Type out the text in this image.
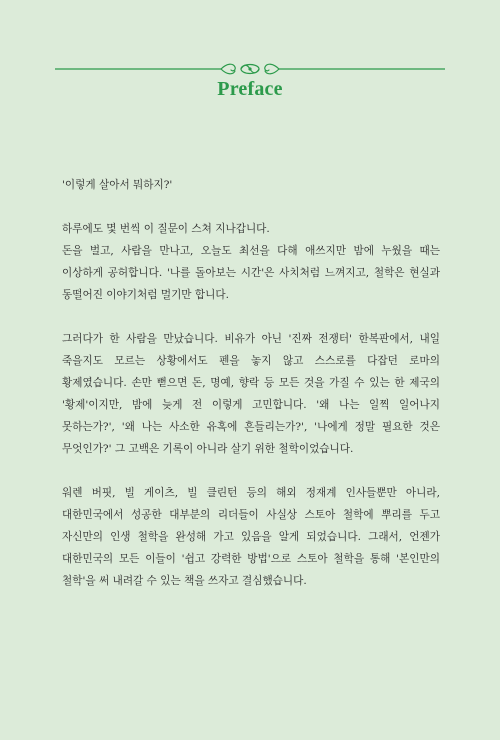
Preface

'이렇게 살아서 뭐하지?'

하루에도 몇 번씩 이 질문이 스쳐 지나갑니다.

돈을 벌고, 사람을 만나고, 오늘도 최선을 다해 애쓰지만 밤에 누웠을 때는 이상하게 공허합니다. '나를 돌아보는 시간'은 사치처럼 느껴지고, 철학은 현실과 동떨어진 이야기처럼 멀기만 합니다.

그러다가 한 사람을 만났습니다. 비유가 아닌 '진짜 전쟁터' 한복판에서, 내일 죽을지도 모르는 상황에서도 펜을 놓지 않고 스스로를 다잡던 로마의 황제였습니다. 손만 뻗으면 돈, 명예, 향락 등 모든 것을 가질 수 있는 한 제국의 '황제'이지만, 밤에 늦게 전 이렇게 고민합니다. '왜 나는 일찍 일어나지 못하는가?', '왜 나는 사소한 유혹에 흔들리는가?', '나에게 정말 필요한 것은 무엇인가?' 그 고백은 기록이 아니라 살기 위한 철학이었습니다.

워렌 버핏, 빌 게이츠, 빌 클린턴 등의 해외 정재계 인사들뿐만 아니라, 대한민국에서 성공한 대부분의 리더들이 사실상 스토아 철학에 뿌리를 두고 자신만의 인생 철학을 완성해 가고 있음을 알게 되었습니다. 그래서, 언젠가 대한민국의 모든 이들이 '쉽고 강력한 방법'으로 스토아 철학을 통해 '본인만의 철학'을 써 내려갈 수 있는 책을 쓰자고 결심했습니다.
